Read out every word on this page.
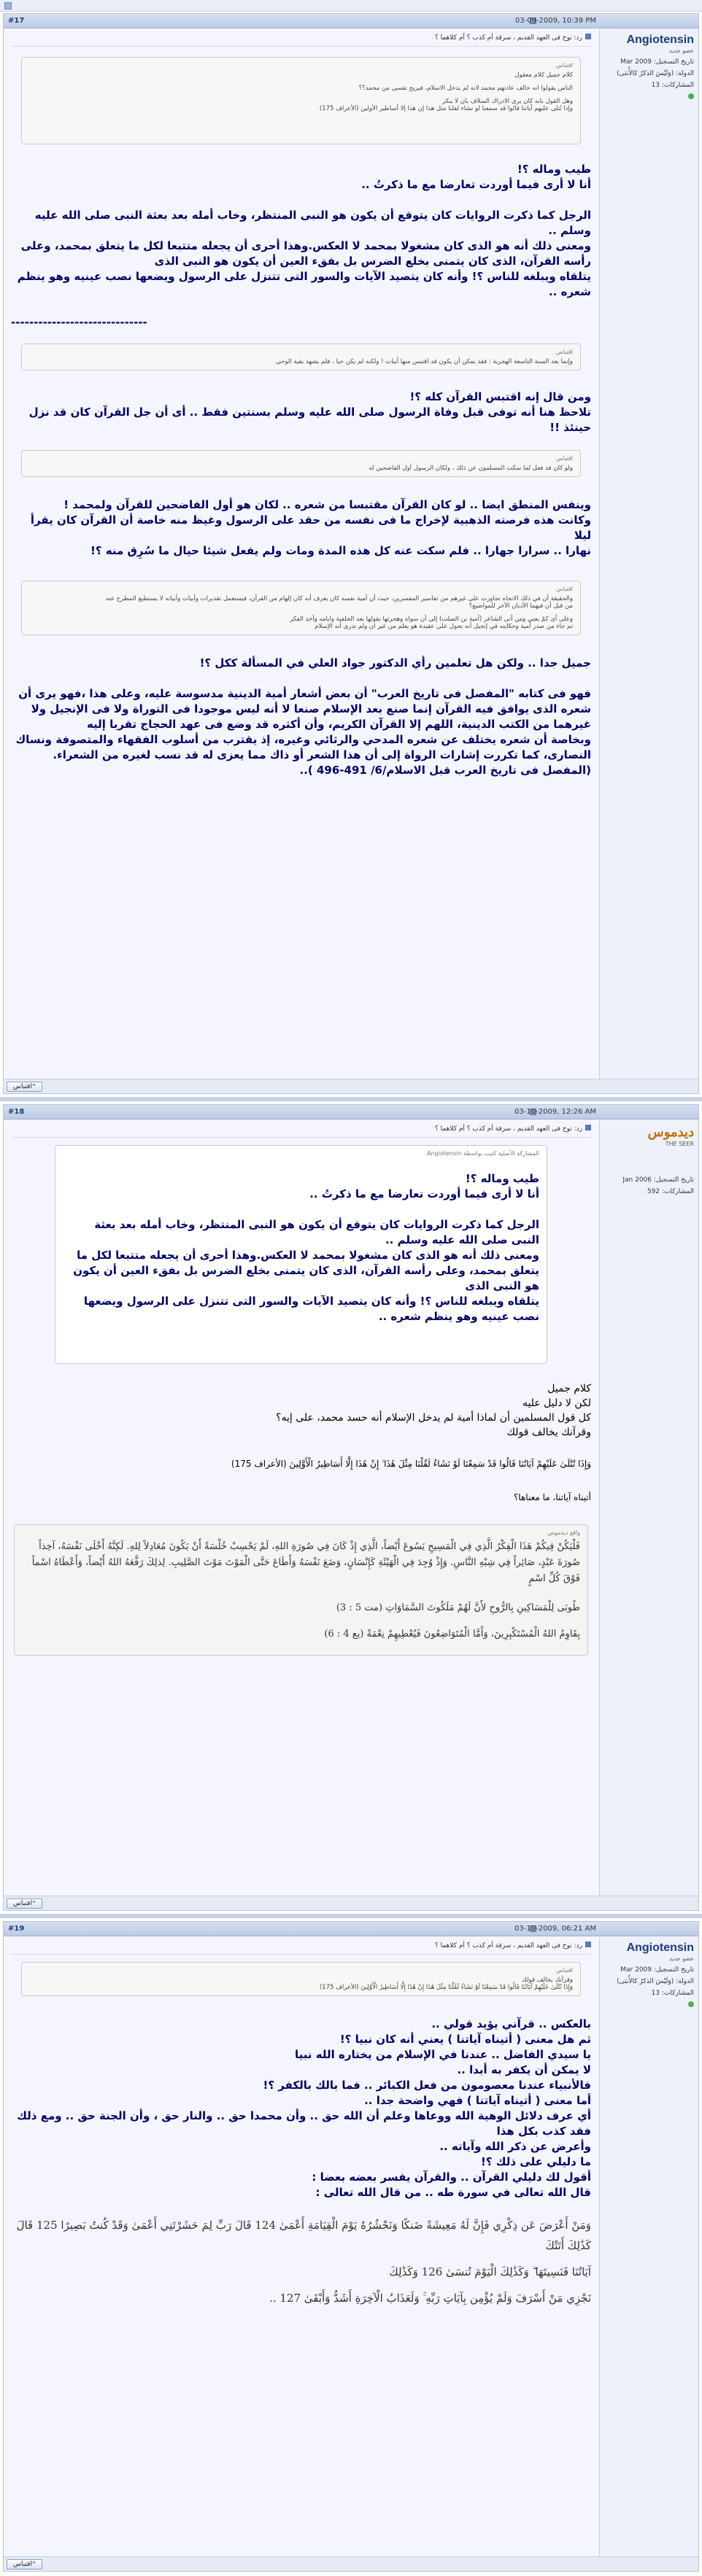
#17	03-09-2009, 10:39 PM
Angiotensin
عضو جديد
تاريخ التسجيل: Mar 2009
الدولة: (وَلَيْسَ الذكرُ كالأُنثى)
المشاركات: 13
رد: نوح فى العهد القديم ، سرقة أم كذب ؟ أم كلاهما ؟
اقتباس
كلام جميل كلام معقول
الناس يقولوا انه خالف عادتهم محمد لانه لم يدخل الاسلام، فيريح نفسى من محمد؟؟
وهل القول بانه كان يرى الادراك السلاف بان لا ينكر
وإذا تُتلى عليهم آياتنا قالوا قد سمعنا لو نشاء لقلنا مثل هذا إن هذا إلا أساطير الأولين (الأعراف 175)
طيب وماله ؟!
أنا لا أرى فيما أوردت تعارضا مع ما ذكرتُ ..
الرجل كما ذكرت الروايات كان يتوقع أن يكون هو النبى المنتظر، وخاب أمله بعد بعثة النبى صلى الله عليه وسلم ..
ومعنى ذلك أنه هو الذى كان مشغولا بمحمد لا العكس.وهذا أحرى أن يجعله متتبعا لكل ما يتعلق بمحمد، وعلى رأسه القرآن، الذى كان يتمنى بخلع الضرس بل بفقء العين أن يكون هو النبى الذى
يتلقاه ويبلغه للناس ؟! وأنه كان يتصيد الآيات والسور التى تتنزل على الرسول ويضعها نصب عينيه وهو ينظم شعره ..
------------------------------
اقتباس
وإنما بعد السنة التاسعة الهجرية : فقد يمكن أن يكون قد اقتبس منها أبيات ! ولكنه لم يكن حيا ، فلم يشهد بقية الوحى
ومن قال إنه اقتبس القرآن كله ؟!
تلاحظ هنا أنه توفى قبل وفاة الرسول صلى الله عليه وسلم بسنتين فقط .. أى أن جل القرآن كان قد نزل حينئذ !!
اقتباس
ولو كان قد فعل لما سكت المسلمون عن ذلك ، ولكان الرسول أول الفاضحين له
وينفس المنطق ايضا .. لو كان القرآن مقتبسا من شعره .. لكان هو أول الفاضحين للقرآن ولمحمد !
وكانت هذه فرصته الذهبية لإخراج ما فى نفسه من حقد على الرسول وغيظ منه خاصة أن القرآن كان يقرأ ليلا
نهارا .. سرارا جهارا .. فلم سكت عنه كل هذه المدة ومات ولم يفعل شيئا حيال ما سُرِق منه ؟!
اقتباس
والحقيقة أن في ذلك الاتجاه تجاوزت على غيرهم من تفاسير المفسرين، حيث أن أمية نفسه كان يعرف أنه كان إلهام من القرآن، فيستعمل تقديرات وأبيات وأبياته لا يستطيع المطرح عنه
من قبل أن فيهما الأديان الآخر للمواضيع؟
وعلى أى كمّ يعني ومن أتى الشاعر (أمية بن الصلت) إلى أن سواه وهجرتها تقولها بعد الخلفية وايامه وأخذ الفكر
ثم جاء من صدر أمية وحكايته في إنجيل أنه تحول على عقيدة هو يعلم من غير ان ولم تدرى أنه الإسلام
جميل جدا .. ولكن هل تعلمين رأي الدكتور جواد العلي في المسألة ككل ؟!
فهو فى كتابه "المفصل فى تاريخ العرب" أن بعض أشعار أمية الدينية مدسوسة عليه، وعلى هذا ،فهو يرى أن شعره الذى يوافق فيه القرآن إنما صنع بعد الإسلام صنعا لا أنه ليس موجودا فى التوراة ولا فى الإنجيل ولا غيرهما من الكتب الدينية، اللهم إلا القرآن الكريم، وأن أكثره قد وضع فى عهد الحجاج تقربا إليه
وبخاصة أن شعره يختلف عن شعره المدحي والرثائي وغيره، إذ يقترب من أسلوب الفقهاء والمتصوفة ونساك النصارى، كما تكررت إشارات الرواة إلى أن هذا الشعر أو ذاك مما يعزى له قد نسب لغيره من الشعراء.
(المفصل فى تاريخ العرب قبل الاسلام/6/ 491-496 )..
❝ اقتباس
#18	03-10-2009, 12:26 AM
ديدموس
THE SEER
تاريخ التسجيل: Jan 2006
المشاركات: 592
رد: نوح فى العهد القديم ، سرقة أم كذب ؟ أم كلاهما ؟
المشاركة الأصلية كتبت بواسطة Angiotensin
طيب وماله ؟!
أنا لا أرى فيما أوردت تعارضا مع ما ذكرتُ ..
الرجل كما ذكرت الروايات كان يتوقع أن يكون هو النبى المنتظر، وخاب أمله بعد بعثة النبى صلى الله عليه وسلم ..
ومعنى ذلك أنه هو الذى كان مشغولا بمحمد لا العكس.وهذا أحرى أن يجعله متتبعا لكل ما يتعلق بمحمد، وعلى رأسه القرآن، الذى كان يتمنى بخلع الضرس بل بفقء العين أن يكون هو النبى الذى
يتلقاه ويبلغه للناس ؟! وأنه كان يتصيد الآيات والسور التى تتنزل على الرسول ويضعها نصب عينيه وهو ينظم شعره ..
كلام جميل
لكن لا دليل عليه
كل قول المسلمين أن لماذا أمية لم يدخل الإسلام أنه حسد محمد، على إيه؟
وقرآنك يخالف قولك
وَإِذَا تُتْلَىٰ عَلَيْهِمْ آيَاتُنَا قَالُوا قَدْ سَمِعْنَا لَوْ نَشَاءُ لَقُلْنَا مِثْلَ هَٰذَا ۙ إِنْ هَٰذَا إِلَّا أَسَاطِيرُ الْأَوَّلِينَ (الأعراف 175)
أتيناه آياتنا، ما معناها؟
واقع ديدموس
فَلْيَكُنْ فِيكُمْ هَذَا الْفِكْرُ الَّذِي فِي الْمَسِيحِ يَسُوعَ أَيْضاً، الَّذِي إِذْ كَانَ فِي صُورَةِ اللهِ، لَمْ يَحْسِبْ خُلْسَةً أَنْ يَكُونَ مُعَادِلاً لِلهِ. لَكِنَّهُ أَخْلَى نَفْسَهُ، آخِذاً صُورَةَ عَبْدٍ، صَائِراً فِي شِبْهِ النَّاسِ. وَإِذْ وُجِدَ فِي الْهَيْئَةِ كَإِنْسَانٍ، وَضَعَ نَفْسَهُ وَأَطَاعَ حَتَّى الْمَوْتَ مَوْتَ الصَّلِيبِ. لِذلِكَ رَفَّعَهُ اللهُ أَيْضاً، وَأَعْطَاهُ اسْماً فَوْقَ كُلِّ اسْمٍ
طُوبَى لِلْمَسَاكِينِ بِالرُّوحِ لأَنَّ لَهُمْ مَلَكُوتَ السَّمَاوَاتِ (مت 5 : 3)
بِقَاوِمُ اللهُ الْمُسْتَكْبِرِينَ، وَأَمَّا الْمُتَوَاضِعُونَ فَيُعْطِيهِمْ نِعْمَةً (يع 4 : 6)
❝ اقتباس
#19	03-10-2009, 06:21 AM
Angiotensin
عضو جديد
تاريخ التسجيل: Mar 2009
الدولة: (وَلَيْسَ الذكرُ كالأُنثى)
المشاركات: 13
رد: نوح فى العهد القديم ، سرقة أم كذب ؟ أم كلاهما ؟
اقتباس
وقرآنك يخالف قولك
وَإِذَا تُتْلَىٰ عَلَيْهِمْ آيَاتُنَا قَالُوا قَدْ سَمِعْنَا لَوْ نَشَاءُ لَقُلْنَا مِثْلَ هَٰذَا إِنْ هَٰذَا إِلَّا أَسَاطِيرُ الْأَوَّلِينَ (الأعراف 175)
بالعكس .. قرآني يؤيد قولي ..
ثم هل معنى ( أتيناه آياتنا ) يعني أنه كان نبيا ؟!
يا سيدي الفاضل .. عندنا في الإسلام من يختاره الله نبيا
لا يمكن أن يكفر به أبدا ..
فالأنبياء عندنا معصومون من فعل الكبائر .. فما بالك بالكفر ؟!
أما معنى ( أتيناه آياتنا ) فهي واضحة جدا ..
أي عرف دلائل الوهية الله ووعاها وعلم أن الله حق .. وأن محمدا حق .. والنار حق ، وأن الجنة حق .. ومع ذلك فقد كذب بكل هذا
وأعرض عن ذكر الله وآياته ..
ما دليلي على ذلك ؟!
أقول لك دليلي القرآن .. والقرآن يفسر بعضه بعضا :
قال الله تعالى في سورة طه .. من قال الله تعالى :
وَمَنْ أَعْرَضَ عَن ذِكْرِي فَإِنَّ لَهُ مَعِيشَةً ضَنكًا وَنَحْشُرُهُ يَوْمَ الْقِيَامَةِ أَعْمَىٰ 124 قَالَ رَبِّ لِمَ حَشَرْتَنِي أَعْمَىٰ وَقَدْ كُنتُ بَصِيرًا 125 قَالَ كَذَٰلِكَ أَتَتْكَ
آيَاتُنَا فَنَسِيتَهَا ۖ وَكَذَٰلِكَ الْيَوْمَ تُنسَىٰ 126 وَكَذَٰلِكَ
نَجْزِي مَنْ أَسْرَفَ وَلَمْ يُؤْمِن بِآيَاتِ رَبِّهِ ۚ وَلَعَذَابُ الْآخِرَةِ أَشَدُّ وَأَبْقَىٰ 127 ..
❝ اقتباس
